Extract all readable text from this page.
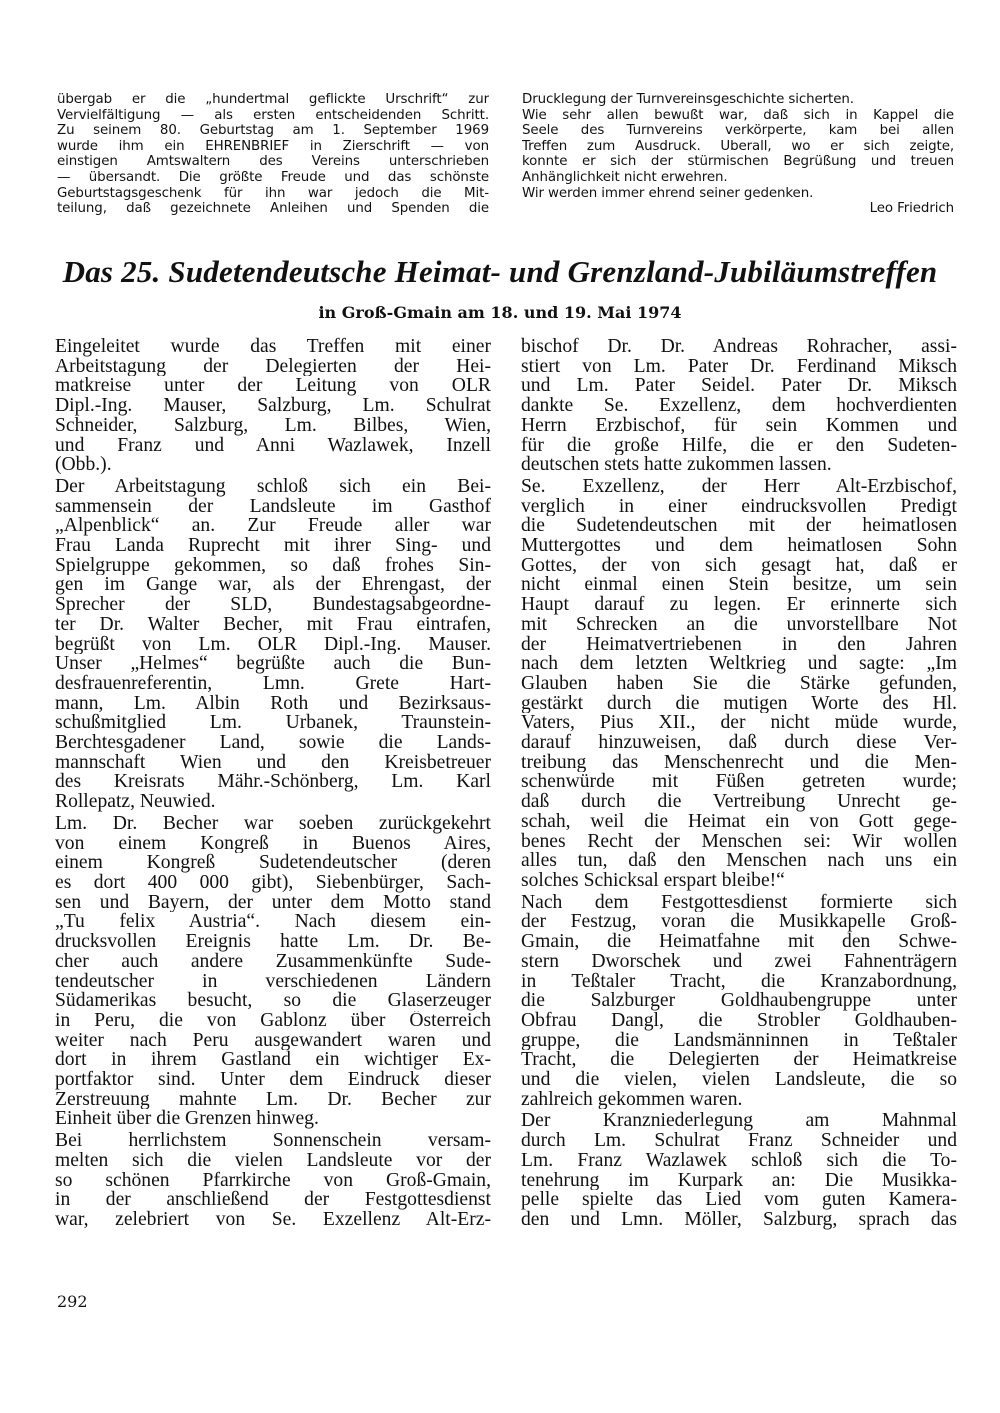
übergab er die „hundertmal geflickte Urschrift“ zur
Vervielfältigung — als ersten entscheidenden Schritt.
Zu seinem 80. Geburtstag am 1. September 1969
wurde ihm ein EHRENBRIEF in Zierschrift — von
einstigen Amtswaltern des Vereins unterschrieben
— übersandt. Die größte Freude und das schönste
Geburtstagsgeschenk für ihn war jedoch die Mit-
teilung, daß gezeichnete Anleihen und Spenden die
Drucklegung der Turnvereinsgeschichte sicherten.
Wie sehr allen bewußt war, daß sich in Kappel die
Seele des Turnvereins verkörperte, kam bei allen
Treffen zum Ausdruck. Überall, wo er sich zeigte,
konnte er sich der stürmischen Begrüßung und treuen
Anhänglichkeit nicht erwehren.
Wir werden immer ehrend seiner gedenken.
Leo Friedrich
Das 25. Sudetendeutsche Heimat- und Grenzland-Jubiläumstreffen
in Groß-Gmain am 18. und 19. Mai 1974
Eingeleitet wurde das Treffen mit einer
Arbeitstagung der Delegierten der Hei-
matkreise unter der Leitung von OLR
Dipl.-Ing. Mauser, Salzburg, Lm. Schulrat
Schneider, Salzburg, Lm. Bilbes, Wien,
und Franz und Anni Wazlawek, Inzell
(Obb.).
Der Arbeitstagung schloß sich ein Bei-
sammensein der Landsleute im Gasthof
„Alpenblick“ an. Zur Freude aller war
Frau Landa Ruprecht mit ihrer Sing- und
Spielgruppe gekommen, so daß frohes Sin-
gen im Gange war, als der Ehrengast, der
Sprecher der SLD, Bundestagsabgeordne-
ter Dr. Walter Becher, mit Frau eintrafen,
begrüßt von Lm. OLR Dipl.-Ing. Mauser.
Unser „Helmes“ begrüßte auch die Bun-
desfrauenreferentin, Lmn. Grete Hart-
mann, Lm. Albin Roth und Bezirksaus-
schußmitglied Lm. Urbanek, Traunstein-
Berchtesgadener Land, sowie die Lands-
mannschaft Wien und den Kreisbetreuer
des Kreisrats Mähr.-Schönberg, Lm. Karl
Rollepatz, Neuwied.
Lm. Dr. Becher war soeben zurückgekehrt
von einem Kongreß in Buenos Aires,
einem Kongreß Sudetendeutscher (deren
es dort 400 000 gibt), Siebenbürger, Sach-
sen und Bayern, der unter dem Motto stand
„Tu felix Austria“. Nach diesem ein-
drucksvollen Ereignis hatte Lm. Dr. Be-
cher auch andere Zusammenkünfte Sude-
tendeutscher in verschiedenen Ländern
Südamerikas besucht, so die Glaserzeuger
in Peru, die von Gablonz über Österreich
weiter nach Peru ausgewandert waren und
dort in ihrem Gastland ein wichtiger Ex-
portfaktor sind. Unter dem Eindruck dieser
Zerstreuung mahnte Lm. Dr. Becher zur
Einheit über die Grenzen hinweg.
Bei herrlichstem Sonnenschein versam-
melten sich die vielen Landsleute vor der
so schönen Pfarrkirche von Groß-Gmain,
in der anschließend der Festgottesdienst
war, zelebriert von Se. Exzellenz Alt-Erz-
bischof Dr. Dr. Andreas Rohracher, assi-
stiert von Lm. Pater Dr. Ferdinand Miksch
und Lm. Pater Seidel. Pater Dr. Miksch
dankte Se. Exzellenz, dem hochverdienten
Herrn Erzbischof, für sein Kommen und
für die große Hilfe, die er den Sudeten-
deutschen stets hatte zukommen lassen.
Se. Exzellenz, der Herr Alt-Erzbischof,
verglich in einer eindrucksvollen Predigt
die Sudetendeutschen mit der heimatlosen
Muttergottes und dem heimatlosen Sohn
Gottes, der von sich gesagt hat, daß er
nicht einmal einen Stein besitze, um sein
Haupt darauf zu legen. Er erinnerte sich
mit Schrecken an die unvorstellbare Not
der Heimatvertriebenen in den Jahren
nach dem letzten Weltkrieg und sagte: „Im
Glauben haben Sie die Stärke gefunden,
gestärkt durch die mutigen Worte des Hl.
Vaters, Pius XII., der nicht müde wurde,
darauf hinzuweisen, daß durch diese Ver-
treibung das Menschenrecht und die Men-
schenwürde mit Füßen getreten wurde;
daß durch die Vertreibung Unrecht ge-
schah, weil die Heimat ein von Gott gege-
benes Recht der Menschen sei: Wir wollen
alles tun, daß den Menschen nach uns ein
solches Schicksal erspart bleibe!“
Nach dem Festgottesdienst formierte sich
der Festzug, voran die Musikkapelle Groß-
Gmain, die Heimatfahne mit den Schwe-
stern Dworschek und zwei Fahnenträgern
in Teßtaler Tracht, die Kranzabordnung,
die Salzburger Goldhaubengruppe unter
Obfrau Dangl, die Strobler Goldhauben-
gruppe, die Landsmänninnen in Teßtaler
Tracht, die Delegierten der Heimatkreise
und die vielen, vielen Landsleute, die so
zahlreich gekommen waren.
Der Kranzniederlegung am Mahnmal
durch Lm. Schulrat Franz Schneider und
Lm. Franz Wazlawek schloß sich die To-
tenehrung im Kurpark an: Die Musikka-
pelle spielte das Lied vom guten Kamera-
den und Lmn. Möller, Salzburg, sprach das
292
